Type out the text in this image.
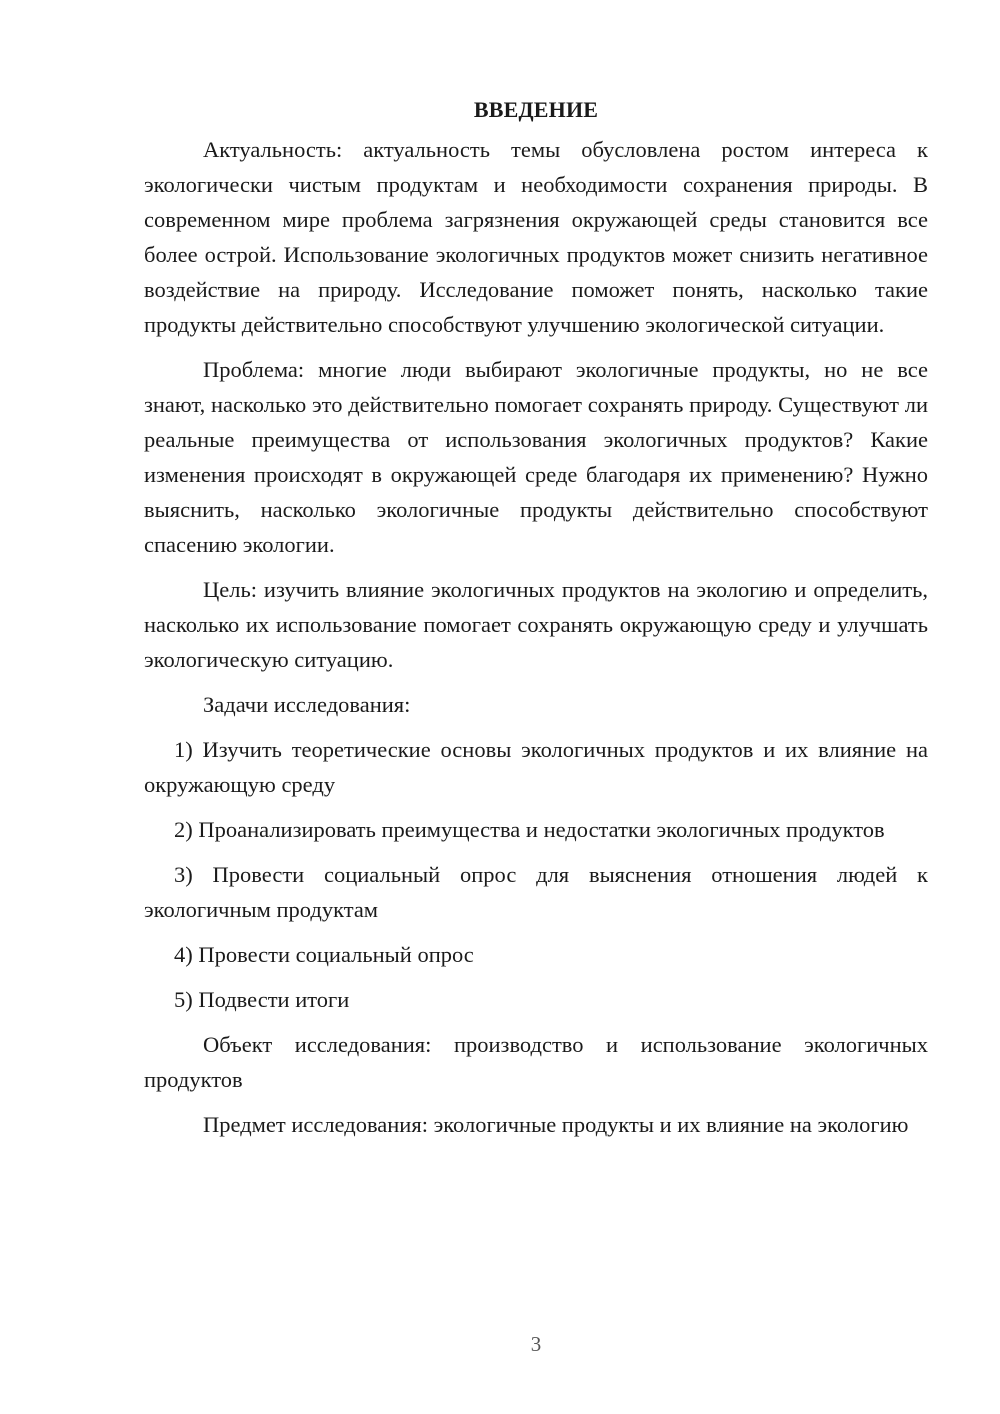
ВВЕДЕНИЕ

Актуальность: актуальность темы обусловлена ростом интереса к экологически чистым продуктам и необходимости сохранения природы. В современном мире проблема загрязнения окружающей среды становится все более острой. Использование экологичных продуктов может снизить негативное воздействие на природу. Исследование поможет понять, насколько такие продукты действительно способствуют улучшению экологической ситуации.

Проблема: многие люди выбирают экологичные продукты, но не все знают, насколько это действительно помогает сохранять природу. Существуют ли реальные преимущества от использования экологичных продуктов? Какие изменения происходят в окружающей среде благодаря их применению? Нужно выяснить, насколько экологичные продукты действительно способствуют спасению экологии.

Цель: изучить влияние экологичных продуктов на экологию и определить, насколько их использование помогает сохранять окружающую среду и улучшать экологическую ситуацию.

Задачи исследования:

1) Изучить теоретические основы экологичных продуктов и их влияние на окружающую среду

2) Проанализировать преимущества и недостатки экологичных продуктов

3) Провести социальный опрос для выяснения отношения людей к экологичным продуктам

4) Провести социальный опрос

5) Подвести итоги

Объект исследования: производство и использование экологичных продуктов

Предмет исследования: экологичные продукты и их влияние на экологию

3
